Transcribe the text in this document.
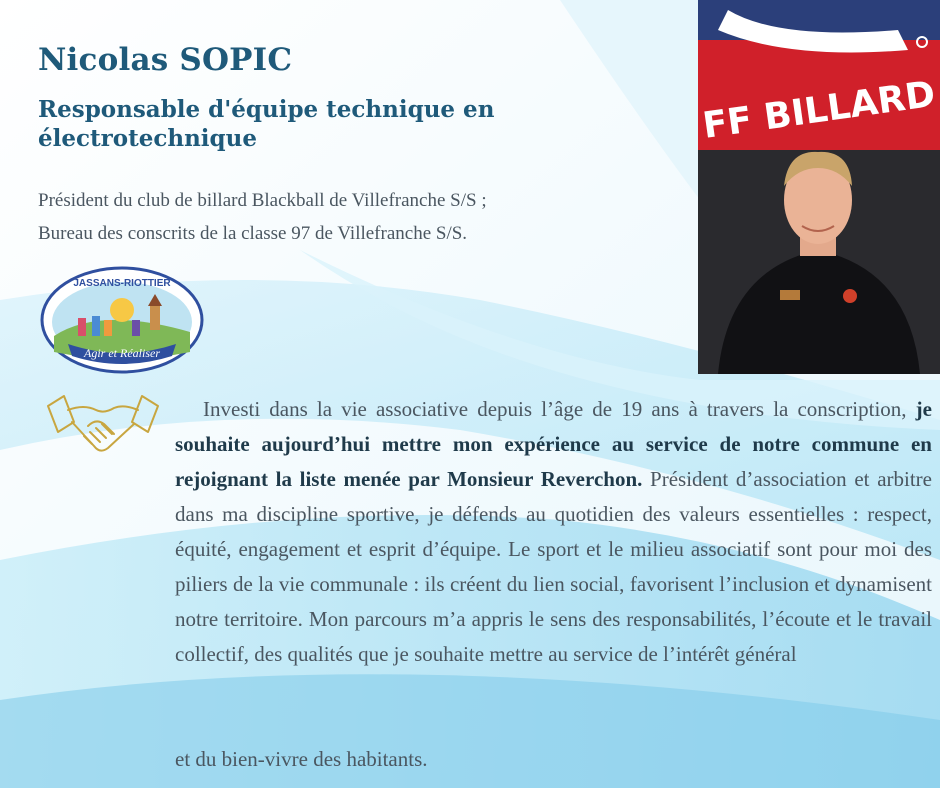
Nicolas SOPIC
Responsable d'équipe technique en
électrotechnique
Président du club de billard Blackball de Villefranche S/S ;
Bureau des conscrits de la classe 97 de Villefranche S/S.
JASSANS-RIOTTIER
Agir et Réaliser
FF BILLARD

Investi dans la vie associative depuis l’âge de 19 ans à travers la conscription, je souhaite aujourd’hui mettre mon expérience au service de notre commune en rejoignant la liste menée par Monsieur Reverchon. Président d’association et arbitre dans ma discipline sportive, je défends au quotidien des valeurs essentielles : respect, équité, engagement et esprit d’équipe. Le sport et le milieu associatif sont pour moi des piliers de la vie communale : ils créent du lien social, favorisent l’inclusion et dynamisent notre territoire. Mon parcours m’a appris le sens des responsabilités, l’écoute et le travail collectif, des qualités que je souhaite mettre au service de l’intérêt général

et du bien-vivre des habitants.
